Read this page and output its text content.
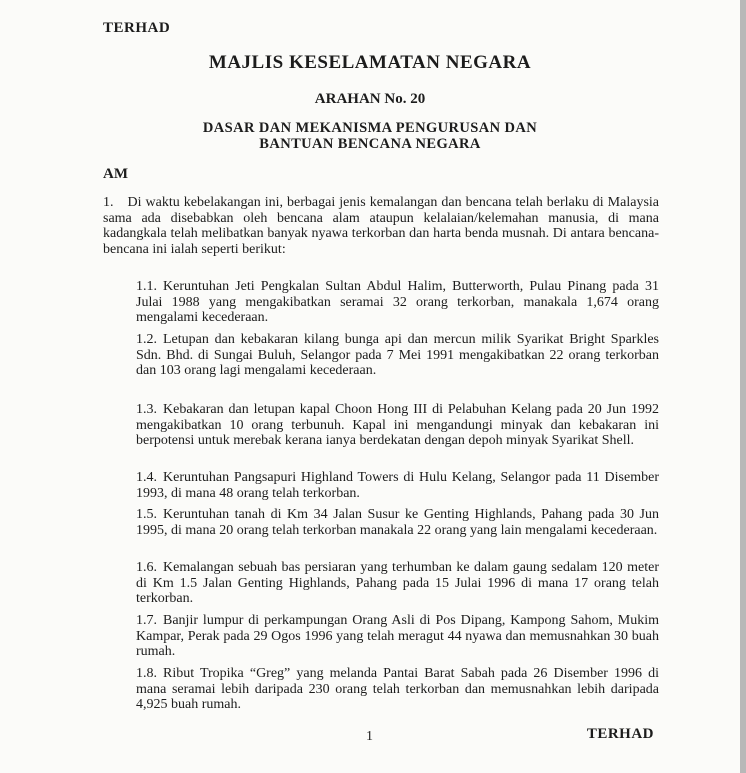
TERHAD
MAJLIS KESELAMATAN NEGARA
ARAHAN No. 20
DASAR DAN MEKANISMA PENGURUSAN DAN
BANTUAN BENCANA NEGARA
AM
1. Di waktu kebelakangan ini, berbagai jenis kemalangan dan bencana telah berlaku di Malaysia sama ada disebabkan oleh bencana alam ataupun kelalaian/kelemahan manusia, di mana kadangkala telah melibatkan banyak nyawa terkorban dan harta benda musnah. Di antara bencana-bencana ini ialah seperti berikut:
1.1. Keruntuhan Jeti Pengkalan Sultan Abdul Halim, Butterworth, Pulau Pinang pada 31 Julai 1988 yang mengakibatkan seramai 32 orang terkorban, manakala 1,674 orang mengalami kecederaan.
1.2. Letupan dan kebakaran kilang bunga api dan mercun milik Syarikat Bright Sparkles Sdn. Bhd. di Sungai Buluh, Selangor pada 7 Mei 1991 mengakibatkan 22 orang terkorban dan 103 orang lagi mengalami kecederaan.
1.3. Kebakaran dan letupan kapal Choon Hong III di Pelabuhan Kelang pada 20 Jun 1992 mengakibatkan 10 orang terbunuh. Kapal ini mengandungi minyak dan kebakaran ini berpotensi untuk merebak kerana ianya berdekatan dengan depoh minyak Syarikat Shell.
1.4. Keruntuhan Pangsapuri Highland Towers di Hulu Kelang, Selangor pada 11 Disember 1993, di mana 48 orang telah terkorban.
1.5. Keruntuhan tanah di Km 34 Jalan Susur ke Genting Highlands, Pahang pada 30 Jun 1995, di mana 20 orang telah terkorban manakala 22 orang yang lain mengalami kecederaan.
1.6. Kemalangan sebuah bas persiaran yang terhumban ke dalam gaung sedalam 120 meter di Km 1.5 Jalan Genting Highlands, Pahang pada 15 Julai 1996 di mana 17 orang telah terkorban.
1.7. Banjir lumpur di perkampungan Orang Asli di Pos Dipang, Kampong Sahom, Mukim Kampar, Perak pada 29 Ogos 1996 yang telah meragut 44 nyawa dan memusnahkan 30 buah rumah.
1.8. Ribut Tropika “Greg” yang melanda Pantai Barat Sabah pada 26 Disember 1996 di mana seramai lebih daripada 230 orang telah terkorban dan memusnahkan lebih daripada 4,925 buah rumah.
1	TERHAD
